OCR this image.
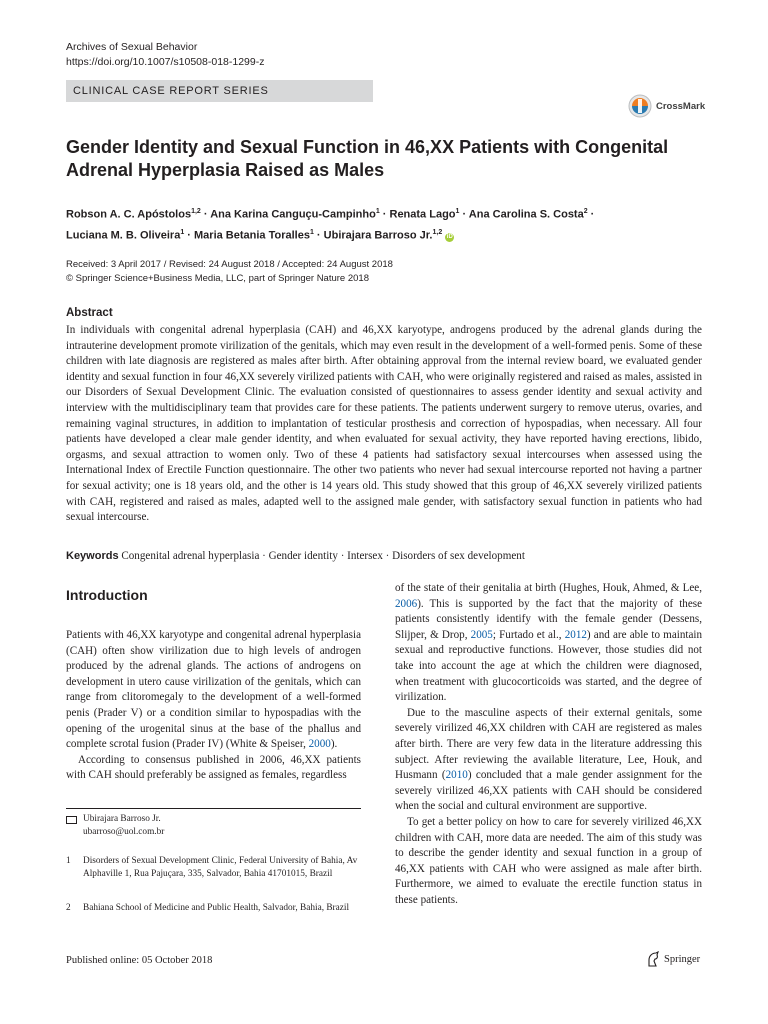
Archives of Sexual Behavior
https://doi.org/10.1007/s10508-018-1299-z
CLINICAL CASE REPORT SERIES
CrossMark
Gender Identity and Sexual Function in 46,XX Patients with Congenital Adrenal Hyperplasia Raised as Males
Robson A. C. Apóstolos$^{1,2}$ · Ana Karina Canguçu-Campinho$^1$ · Renata Lago$^1$ · Ana Carolina S. Costa$^2$ ·
Luciana M. B. Oliveira$^1$ · Maria Betania Toralles$^1$ · Ubirajara Barroso Jr.$^{1,2}$ iD
Received: 3 April 2017 / Revised: 24 August 2018 / Accepted: 24 August 2018
© Springer Science+Business Media, LLC, part of Springer Nature 2018
Abstract
In individuals with congenital adrenal hyperplasia (CAH) and 46,XX karyotype, androgens produced by the adrenal glands during the intrauterine development promote virilization of the genitals, which may even result in the development of a well-formed penis. Some of these children with late diagnosis are registered as males after birth. After obtaining approval from the internal review board, we evaluated gender identity and sexual function in four 46,XX severely virilized patients with CAH, who were originally registered and raised as males, assisted in our Disorders of Sexual Development Clinic. The evaluation consisted of questionnaires to assess gender identity and sexual activity and interview with the multidisciplinary team that provides care for these patients. The patients underwent surgery to remove uterus, ovaries, and remaining vaginal structures, in addition to implantation of testicular prosthesis and correction of hypospadias, when necessary. All four patients have developed a clear male gender identity, and when evaluated for sexual activity, they have reported having erections, libido, orgasms, and sexual attraction to women only. Two of these 4 patients had satisfactory sexual intercourses when assessed using the International Index of Erectile Function questionnaire. The other two patients who never had sexual intercourse reported not having a partner for sexual activity; one is 18 years old, and the other is 14 years old. This study showed that this group of 46,XX severely virilized patients with CAH, registered and raised as males, adapted well to the assigned male gender, with satisfactory sexual function in patients who had sexual intercourse.
Keywords Congenital adrenal hyperplasia · Gender identity · Intersex · Disorders of sex development
Introduction

Patients with 46,XX karyotype and congenital adrenal hyperplasia (CAH) often show virilization due to high levels of androgen produced by the adrenal glands. The actions of androgens on development in utero cause virilization of the genitals, which can range from clitoromegaly to the development of a well-formed penis (Prader V) or a condition similar to hypospadias with the opening of the urogenital sinus at the base of the phallus and complete scrotal fusion (Prader IV) (White & Speiser, 2000).

According to consensus published in 2006, 46,XX patients with CAH should preferably be assigned as females, regardless

of the state of their genitalia at birth (Hughes, Houk, Ahmed, & Lee, 2006). This is supported by the fact that the majority of these patients consistently identify with the female gender (Dessens, Slijper, & Drop, 2005; Furtado et al., 2012) and are able to maintain sexual and reproductive functions. However, those studies did not take into account the age at which the children were diagnosed, when treatment with glucocorticoids was started, and the degree of virilization.

Due to the masculine aspects of their external genitals, some severely virilized 46,XX children with CAH are registered as males after birth. There are very few data in the literature addressing this subject. After reviewing the available literature, Lee, Houk, and Husmann (2010) concluded that a male gender assignment for the severely virilized 46,XX patients with CAH should be considered when the social and cultural environment are supportive.

To get a better policy on how to care for severely virilized 46,XX children with CAH, more data are needed. The aim of this study was to describe the gender identity and sexual function in a group of 46,XX patients with CAH who were assigned as male after birth. Furthermore, we aimed to evaluate the erectile function status in these patients.

Ubirajara Barroso Jr.
ubarroso@uol.com.br
1 Disorders of Sexual Development Clinic, Federal University of Bahia, Av Alphaville 1, Rua Pajuçara, 335, Salvador, Bahia 41701015, Brazil
2 Bahiana School of Medicine and Public Health, Salvador, Bahia, Brazil
Published online: 05 October 2018	Springer
